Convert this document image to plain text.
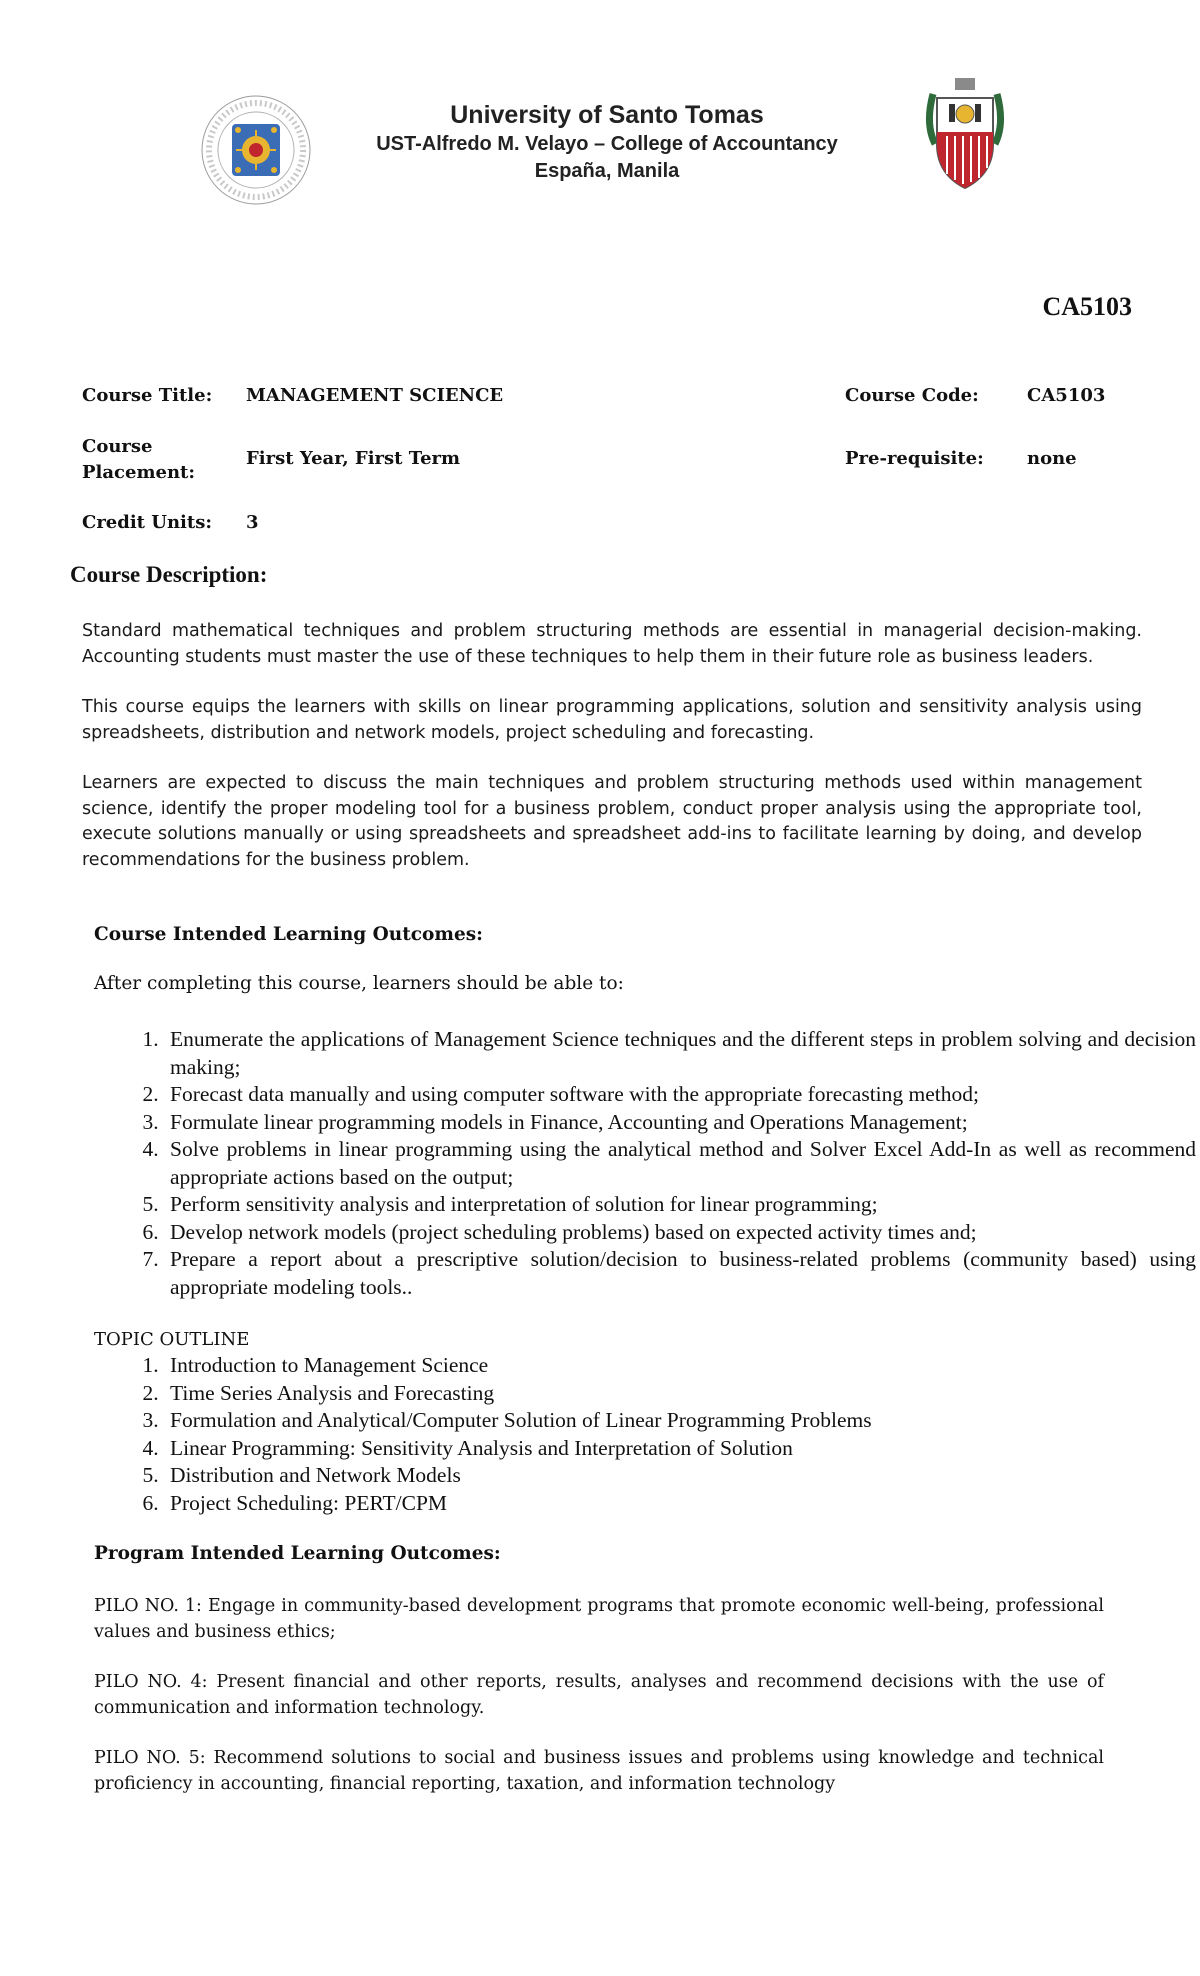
University of Santo Tomas
UST-Alfredo M. Velayo – College of Accountancy
España, Manila
CA5103
Course Title: MANAGEMENT SCIENCE	Course Code:	CA5103
Course Placement:
First Year, First Term	Pre-requisite: none
Credit Units: 3
Course Description:

Standard mathematical techniques and problem structuring methods are essential in managerial decision-making. Accounting students must master the use of these techniques to help them in their future role as business leaders.

This course equips the learners with skills on linear programming applications, solution and sensitivity analysis using spreadsheets, distribution and network models, project scheduling and forecasting.

Learners are expected to discuss the main techniques and problem structuring methods used within management science, identify the proper modeling tool for a business problem, conduct proper analysis using the appropriate tool, execute solutions manually or using spreadsheets and spreadsheet add-ins to facilitate learning by doing, and develop recommendations for the business problem.

Course Intended Learning Outcomes:
After completing this course, learners should be able to:
1. Enumerate the applications of Management Science techniques and the different steps in problem solving and decision making;
2. Forecast data manually and using computer software with the appropriate forecasting method;
3. Formulate linear programming models in Finance, Accounting and Operations Management;
4. Solve problems in linear programming using the analytical method and Solver Excel Add-In as well as recommend appropriate actions based on the output;
5. Perform sensitivity analysis and interpretation of solution for linear programming;
6. Develop network models (project scheduling problems) based on expected activity times and;
7. Prepare a report about a prescriptive solution/decision to business-related problems (community based) using appropriate modeling tools..
TOPIC OUTLINE
1. Introduction to Management Science
2. Time Series Analysis and Forecasting
3. Formulation and Analytical/Computer Solution of Linear Programming Problems
4. Linear Programming: Sensitivity Analysis and Interpretation of Solution
5. Distribution and Network Models
6. Project Scheduling: PERT/CPM
Program Intended Learning Outcomes:

PILO NO. 1: Engage in community-based development programs that promote economic well-being, professional values and business ethics;

PILO NO. 4: Present financial and other reports, results, analyses and recommend decisions with the use of communication and information technology.

PILO NO. 5: Recommend solutions to social and business issues and problems using knowledge and technical proficiency in accounting, financial reporting, taxation, and information technology
